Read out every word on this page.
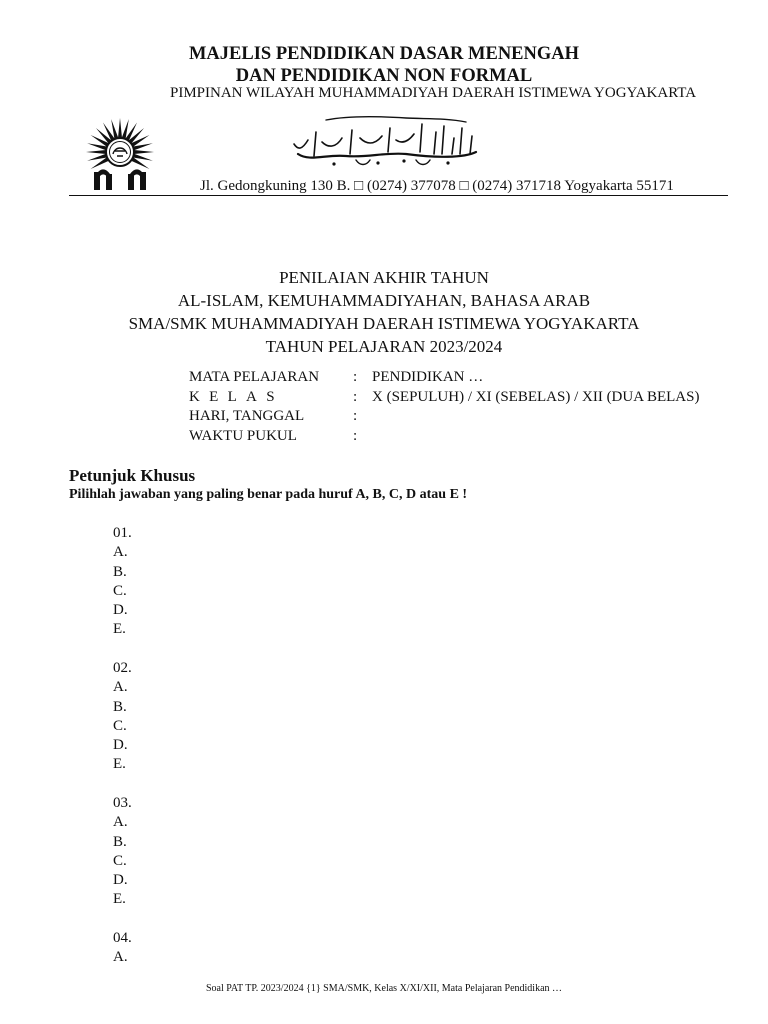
MAJELIS PENDIDIKAN DASAR MENENGAH
DAN PENDIDIKAN NON FORMAL
PIMPINAN WILAYAH MUHAMMADIYAH DAERAH ISTIMEWA YOGYAKARTA
Jl. Gedongkuning 130 B. □ (0274) 377078 □ (0274) 371718 Yogyakarta 55171
PENILAIAN AKHIR TAHUN
AL-ISLAM, KEMUHAMMADIYAHAN, BAHASA ARAB
SMA/SMK MUHAMMADIYAH DAERAH ISTIMEWA YOGYAKARTA
TAHUN PELAJARAN 2023/2024
MATA PELAJARAN	: PENDIDIKAN …
KELAS	: X (SEPULUH) / XI (SEBELAS) / XII (DUA BELAS)
HARI, TANGGAL	:
WAKTU PUKUL	:
Petunjuk Khusus
Pilihlah jawaban yang paling benar pada huruf A, B, C, D atau E !
01.
A.
B.
C.
D.
E.
02.
A.
B.
C.
D.
E.
03.
A.
B.
C.
D.
E.
04.
A.
Soal PAT TP. 2023/2024 {1} SMA/SMK, Kelas X/XI/XII, Mata Pelajaran Pendidikan …
